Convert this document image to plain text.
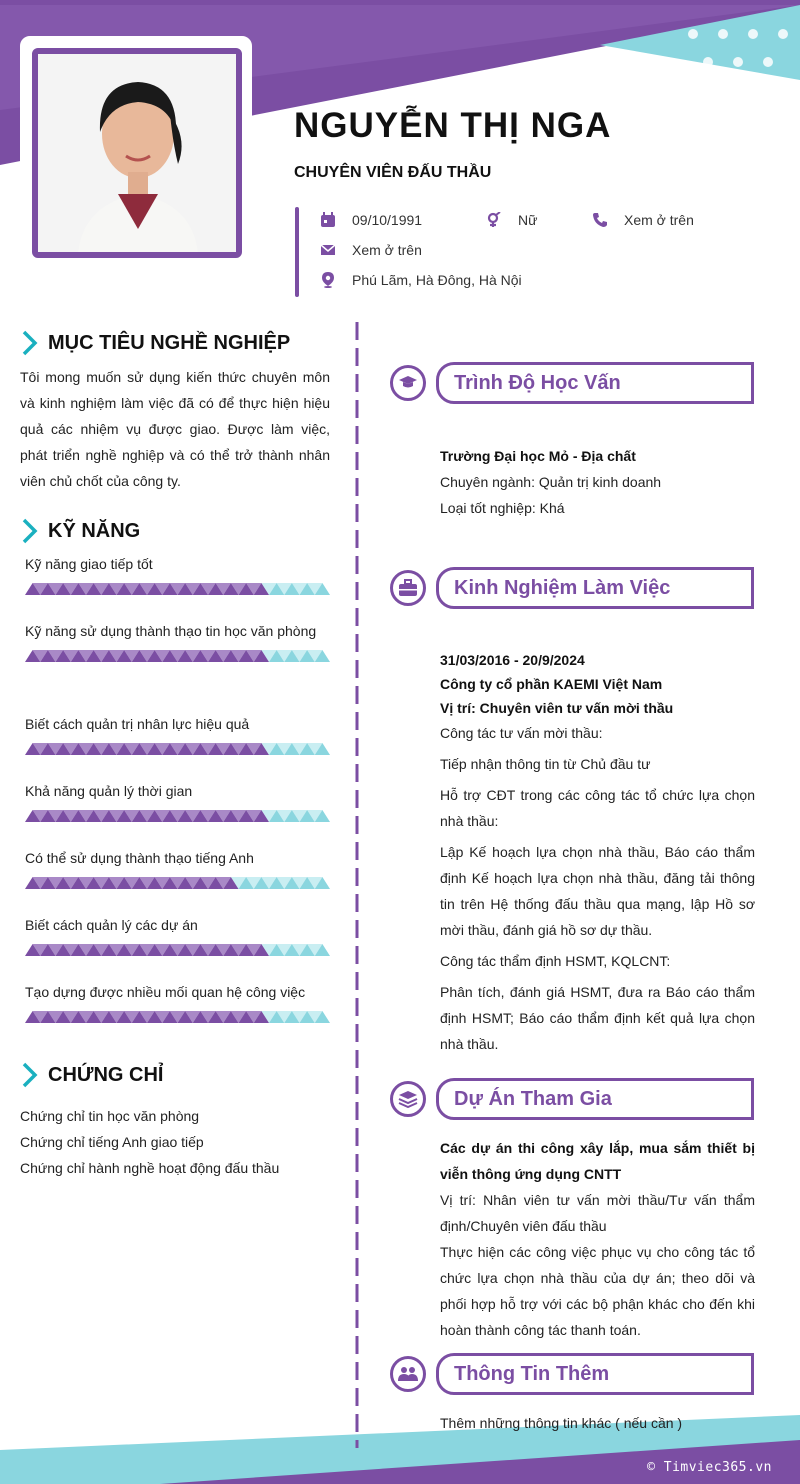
NGUYỄN THỊ NGA
CHUYÊN VIÊN ĐẤU THẦU
09/10/1991	Nữ	Xem ở trên
Xem ở trên
Phú Lãm, Hà Đông, Hà Nội
MỤC TIÊU NGHỀ NGHIỆP
Tôi mong muốn sử dụng kiến thức chuyên môn và kinh nghiệm làm việc đã có để thực hiện hiệu quả các nhiệm vụ được giao. Được làm việc, phát triển nghề nghiệp và có thể trở thành nhân viên chủ chốt của công ty.
KỸ NĂNG
Kỹ năng giao tiếp tốt
Kỹ năng sử dụng thành thạo tin học văn phòng
Biết cách quản trị nhân lực hiệu quả
Khả năng quản lý thời gian
Có thể sử dụng thành thạo tiếng Anh
Biết cách quản lý các dự án
Tạo dựng được nhiều mối quan hệ công việc
CHỨNG CHỈ
Chứng chỉ tin học văn phòng
Chứng chỉ tiếng Anh giao tiếp
Chứng chỉ hành nghề hoạt động đấu thầu
Trình Độ Học Vấn
Trường Đại học Mỏ - Địa chất
Chuyên ngành: Quản trị kinh doanh
Loại tốt nghiệp: Khá
Kinh Nghiệm Làm Việc
31/03/2016 - 20/9/2024
Công ty cổ phần KAEMI Việt Nam
Vị trí: Chuyên viên tư vấn mời thầu
Công tác tư vấn mời thầu:
Tiếp nhận thông tin từ Chủ đầu tư
Hỗ trợ CĐT trong các công tác tổ chức lựa chọn nhà thầu:
Lập Kế hoạch lựa chọn nhà thầu, Báo cáo thẩm định Kế hoạch lựa chọn nhà thầu, đăng tải thông tin trên Hệ thống đấu thầu qua mạng, lập Hồ sơ mời thầu, đánh giá hồ sơ dự thầu.
Công tác thẩm định HSMT, KQLCNT:
Phân tích, đánh giá HSMT, đưa ra Báo cáo thẩm định HSMT; Báo cáo thẩm định kết quả lựa chọn nhà thầu.
Dự Án Tham Gia
Các dự án thi công xây lắp, mua sắm thiết bị viễn thông ứng dụng CNTT
Vị trí: Nhân viên tư vấn mời thầu/Tư vấn thẩm định/Chuyên viên đấu thầu
Thực hiện các công việc phục vụ cho công tác tổ chức lựa chọn nhà thầu của dự án; theo dõi và phối hợp hỗ trợ với các bộ phận khác cho đến khi hoàn thành công tác thanh toán.
Thông Tin Thêm
Thêm những thông tin khác ( nếu cần )
© Timviec365.vn
